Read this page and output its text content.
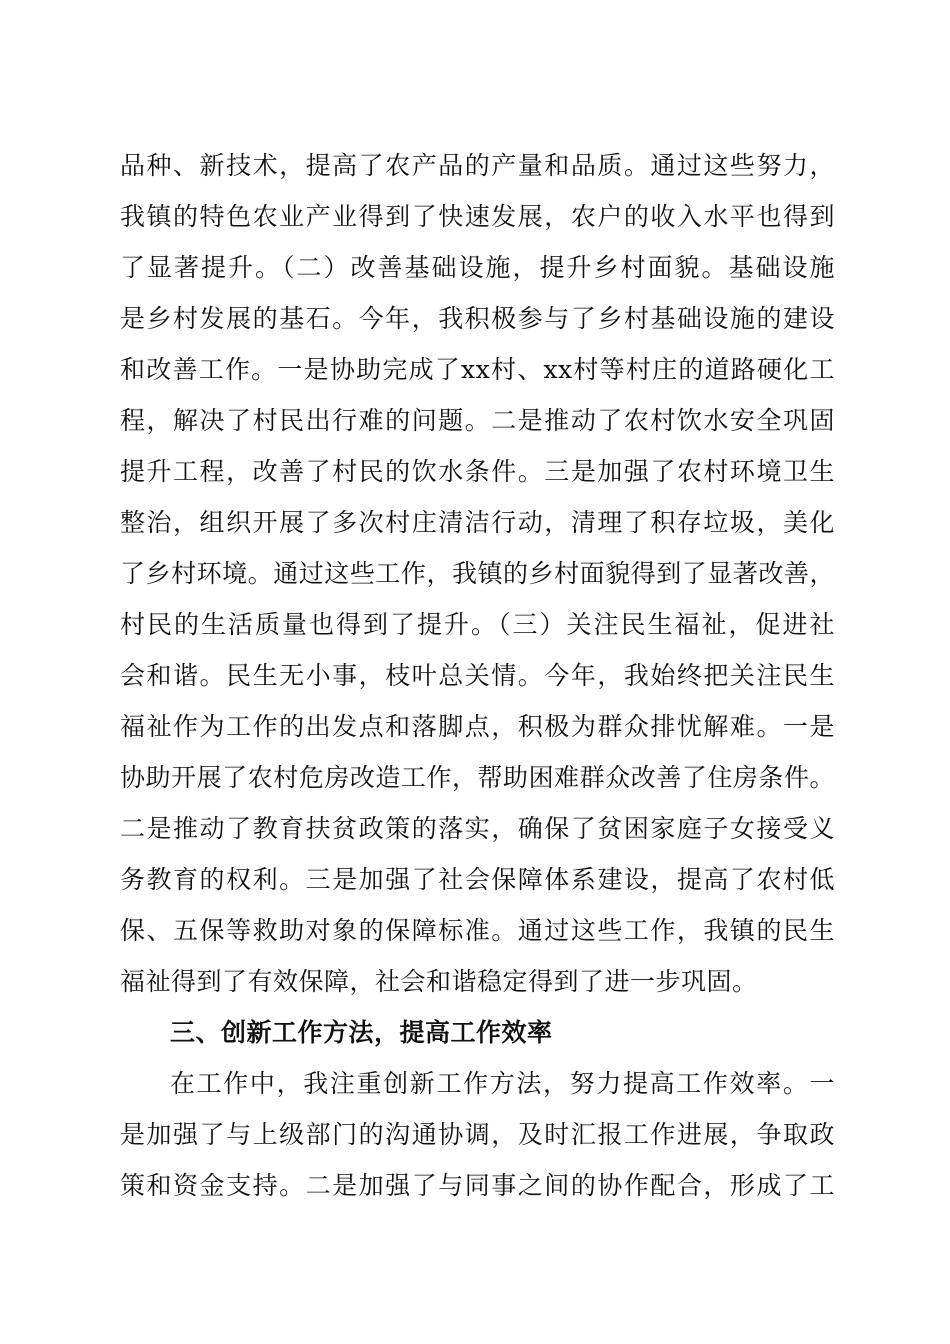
品种、新技术，提高了农产品的产量和品质。通过这些努力，
我镇的特色农业产业得到了快速发展，农户的收入水平也得到
了显著提升。（二）改善基础设施，提升乡村面貌。基础设施
是乡村发展的基石。今年，我积极参与了乡村基础设施的建设
和改善工作。一是协助完成了xx村、xx村等村庄的道路硬化工
程，解决了村民出行难的问题。二是推动了农村饮水安全巩固
提升工程，改善了村民的饮水条件。三是加强了农村环境卫生
整治，组织开展了多次村庄清洁行动，清理了积存垃圾，美化
了乡村环境。通过这些工作，我镇的乡村面貌得到了显著改善，
村民的生活质量也得到了提升。（三）关注民生福祉，促进社
会和谐。民生无小事，枝叶总关情。今年，我始终把关注民生
福祉作为工作的出发点和落脚点，积极为群众排忧解难。一是
协助开展了农村危房改造工作，帮助困难群众改善了住房条件。
二是推动了教育扶贫政策的落实，确保了贫困家庭子女接受义
务教育的权利。三是加强了社会保障体系建设，提高了农村低
保、五保等救助对象的保障标准。通过这些工作，我镇的民生
福祉得到了有效保障，社会和谐稳定得到了进一步巩固。
三、创新工作方法，提高工作效率
在工作中，我注重创新工作方法，努力提高工作效率。一
是加强了与上级部门的沟通协调，及时汇报工作进展，争取政
策和资金支持。二是加强了与同事之间的协作配合，形成了工
